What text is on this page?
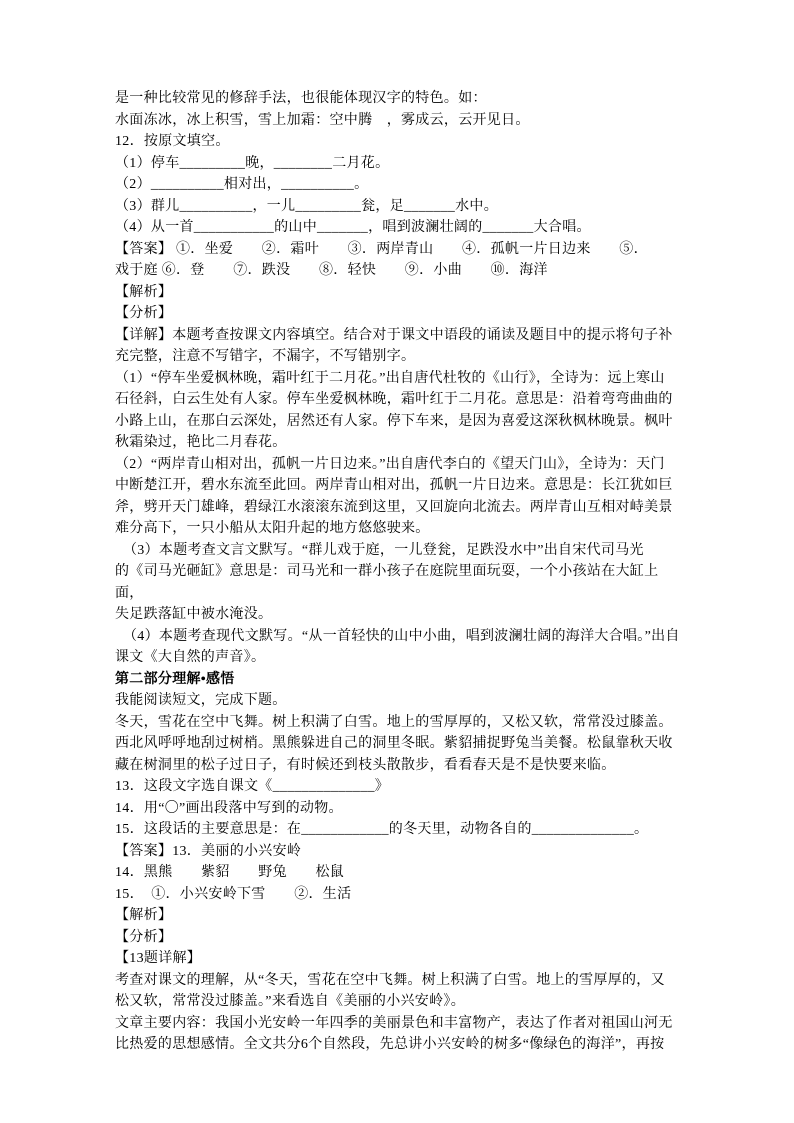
是一种比较常见的修辞手法，也很能体现汉字的特色。如：
水面冻冰，冰上积雪，雪上加霜：空中腾　，雾成云，云开见日。
12．按原文填空。
（1）停车_________晚，________二月花。
（2）__________相对出，__________。
（3）群儿__________，一儿_________瓮，足_______水中。
（4）从一首___________的山中_______，唱到波澜壮阔的_______大合唱。
【答案】 ①．坐爱　　②．霜叶　　③．两岸青山　　④．孤帆一片日边来　　⑤．
戏于庭 ⑥．登　　⑦．跌没　　⑧．轻快　　⑨．小曲　　⑩．海洋
【解析】
【分析】
【详解】本题考查按课文内容填空。结合对于课文中语段的诵读及题目中的提示将句子补
充完整，注意不写错字，不漏字，不写错别字。
（1）“停车坐爱枫林晚，霜叶红于二月花。”出自唐代杜牧的《山行》，全诗为：远上寒山
石径斜，白云生处有人家。停车坐爱枫林晚，霜叶红于二月花。意思是：沿着弯弯曲曲的
小路上山，在那白云深处，居然还有人家。停下车来，是因为喜爱这深秋枫林晚景。枫叶
秋霜染过，艳比二月春花。
（2）“两岸青山相对出，孤帆一片日边来。”出自唐代李白的《望天门山》，全诗为：天门
中断楚江开，碧水东流至此回。两岸青山相对出，孤帆一片日边来。意思是：长江犹如巨
斧，劈开天门雄峰，碧绿江水滚滚东流到这里，又回旋向北流去。两岸青山互相对峙美景
难分高下，一只小船从太阳升起的地方悠悠驶来。
（3）本题考查文言文默写。“群儿戏于庭，一儿登瓮，足跌没水中”出自宋代司马光
的《司马光砸缸》意思是：司马光和一群小孩子在庭院里面玩耍，一个小孩站在大缸上面，
失足跌落缸中被水淹没。
（4）本题考查现代文默写。“从一首轻快的山中小曲，唱到波澜壮阔的海洋大合唱。”出自
课文《大自然的声音》。
第二部分理解•感悟
我能阅读短文，完成下题。
冬天，雪花在空中飞舞。树上积满了白雪。地上的雪厚厚的，又松又软，常常没过膝盖。
西北风呼呼地刮过树梢。黑熊躲进自己的洞里冬眠。紫貂捕捉野兔当美餐。松鼠靠秋天收
藏在树洞里的松子过日子，有时候还到枝头散散步，看看春天是不是快要来临。
13．这段文字选自课文《______________》
14．用“〇”画出段落中写到的动物。
15．这段话的主要意思是：在____________的冬天里，动物各自的______________。
【答案】13．美丽的小兴安岭
14．黑熊　　紫貂　　野兔　　松鼠
15．　①．小兴安岭下雪　　②．生活
【解析】
【分析】
【13题详解】
考查对课文的理解，从“冬天，雪花在空中飞舞。树上积满了白雪。地上的雪厚厚的，又
松又软，常常没过膝盖。”来看选自《美丽的小兴安岭》。
文章主要内容：我国小光安岭一年四季的美丽景色和丰富物产，表达了作者对祖国山河无
比热爱的思想感情。全文共分6个自然段，先总讲小兴安岭的树多“像绿色的海洋”，再按
